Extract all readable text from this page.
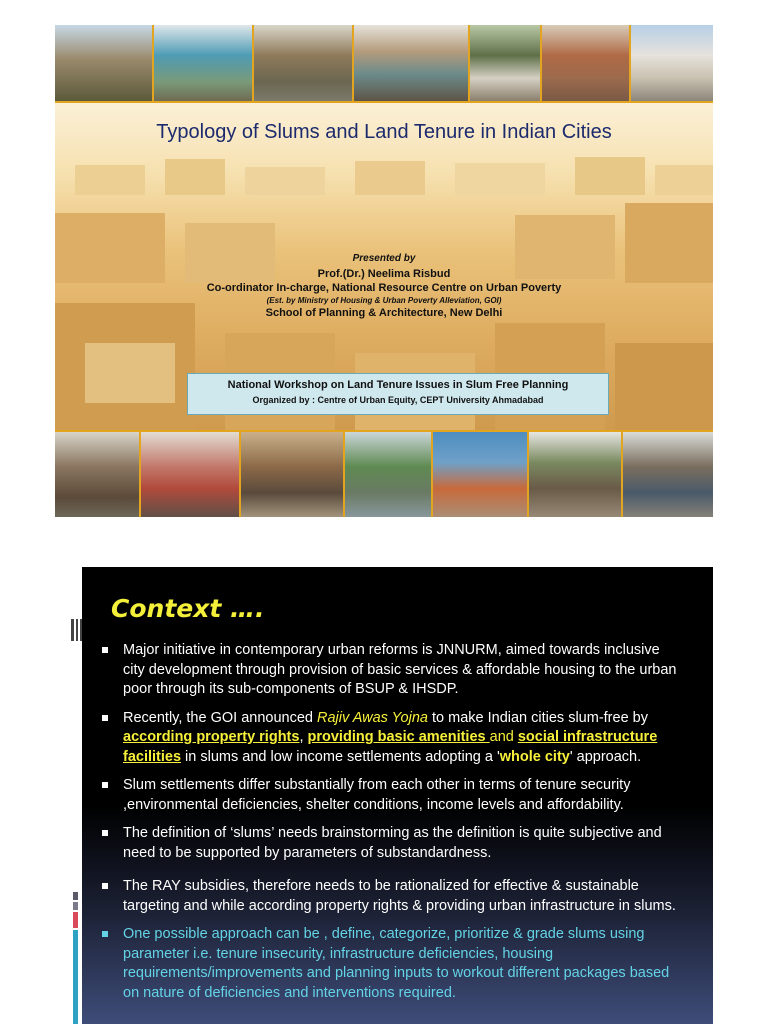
Typology of Slums and Land Tenure in Indian Cities
Presented by
Prof.(Dr.) Neelima Risbud
Co-ordinator In-charge, National Resource Centre on Urban Poverty
(Est. by Ministry of Housing & Urban Poverty Alleviation, GOI)
School of Planning & Architecture, New Delhi
National Workshop on Land Tenure Issues in Slum Free Planning
Organized by : Centre of Urban Equity, CEPT University Ahmadabad
Context ….
Major initiative in contemporary urban reforms is JNNURM, aimed towards inclusive city development through provision of basic services & affordable housing to the urban poor through its sub-components of BSUP & IHSDP.
Recently, the GOI announced Rajiv Awas Yojna to make Indian cities slum-free by according property rights, providing basic amenities and social infrastructure facilities in slums and low income settlements adopting a 'whole city' approach.
Slum settlements differ substantially from each other in terms of tenure security ,environmental deficiencies, shelter conditions, income levels and affordability.
The definition of ‘slums’ needs brainstorming as the definition is quite subjective and need to be supported by parameters of substandardness.
The RAY subsidies, therefore needs to be rationalized for effective & sustainable targeting and while according property rights & providing urban infrastructure in slums.
One possible approach can be , define, categorize, prioritize & grade slums using parameter i.e. tenure insecurity, infrastructure deficiencies, housing requirements/improvements and planning inputs to workout different packages based on nature of deficiencies and interventions required.
